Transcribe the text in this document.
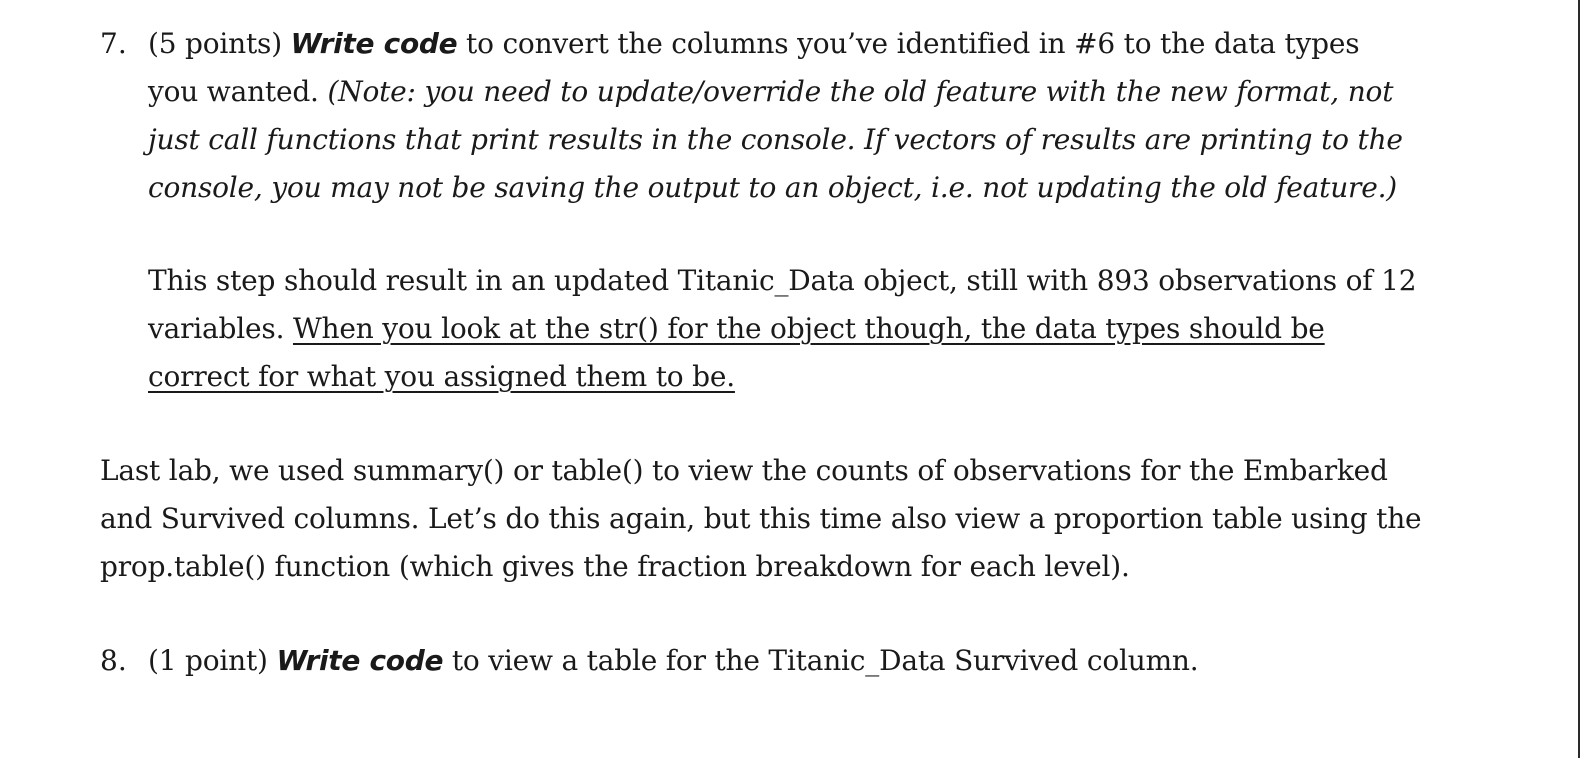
7. (5 points) Write code to convert the columns you’ve identified in #6 to the data types
you wanted. (Note: you need to update/override the old feature with the new format, not
just call functions that print results in the console. If vectors of results are printing to the
console, you may not be saving the output to an object, i.e. not updating the old feature.)
This step should result in an updated Titanic_Data object, still with 893 observations of 12
variables. When you look at the str() for the object though, the data types should be
correct for what you assigned them to be.
Last lab, we used summary() or table() to view the counts of observations for the Embarked
and Survived columns. Let’s do this again, but this time also view a proportion table using the
prop.table() function (which gives the fraction breakdown for each level).
8. (1 point) Write code to view a table for the Titanic_Data Survived column.
